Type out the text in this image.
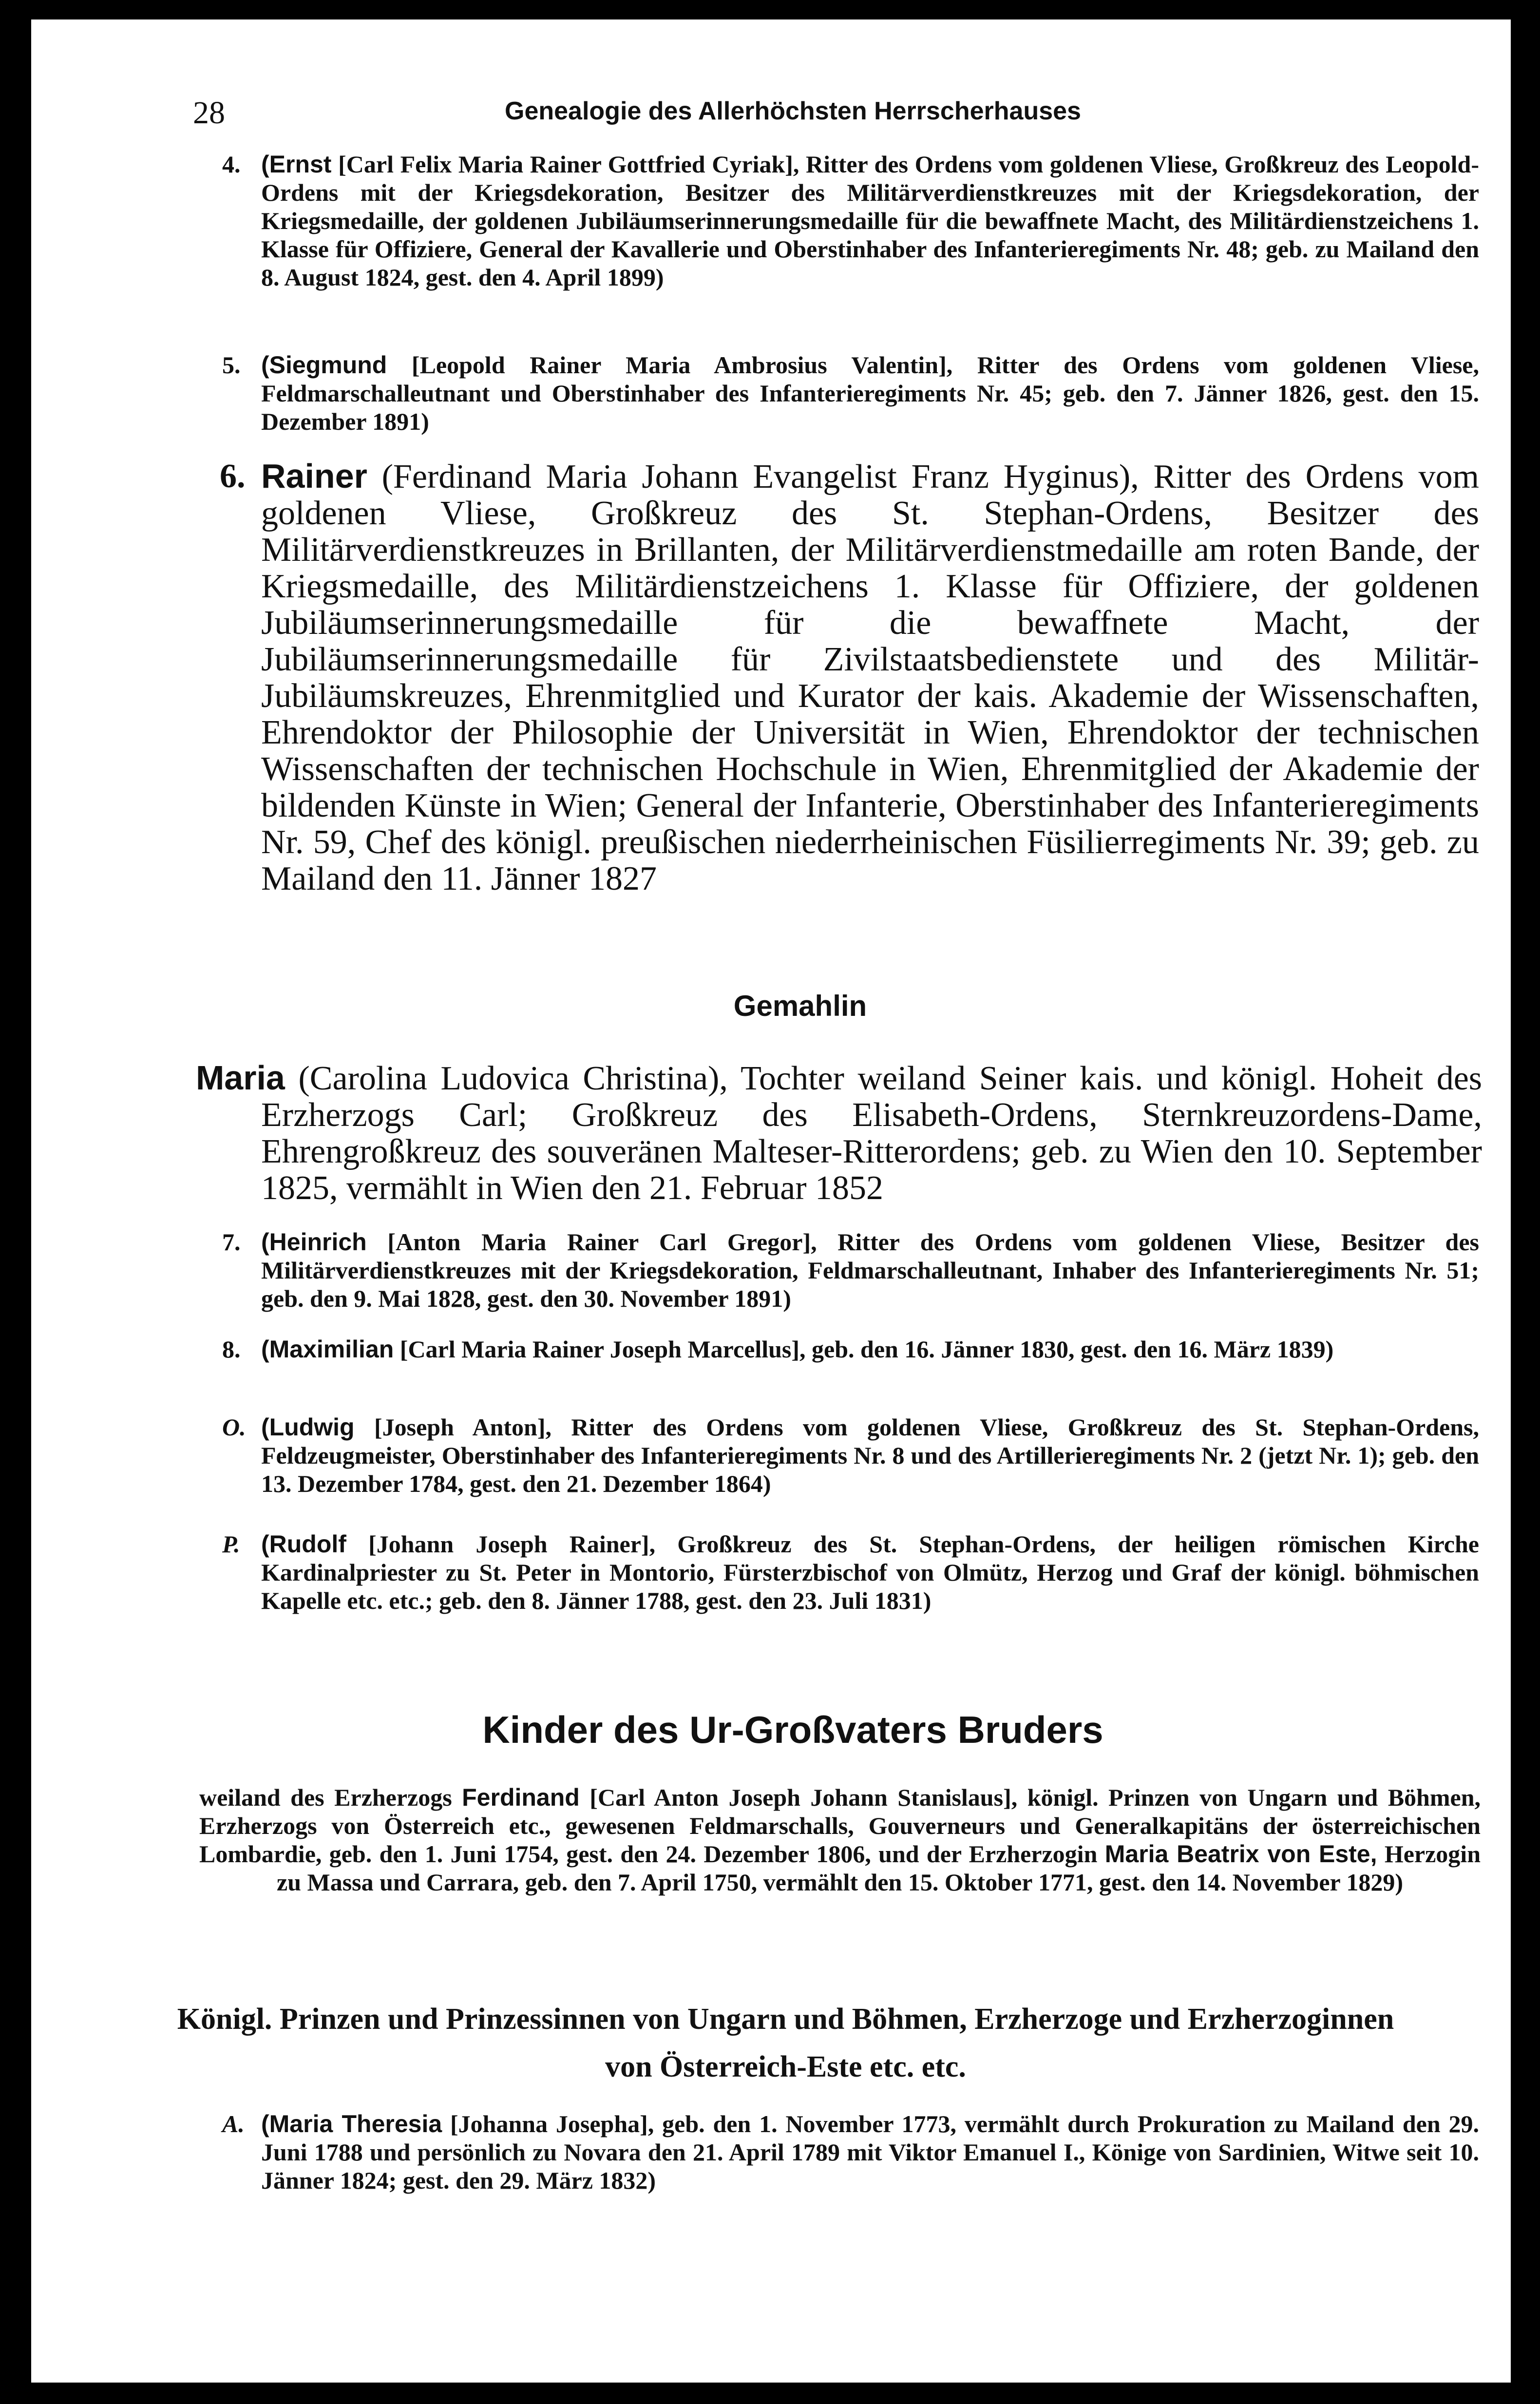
28	Genealogie des Allerhöchsten Herrscherhauses
4. (Ernst [Carl Felix Maria Rainer Gottfried Cyriak], Ritter des Ordens vom goldenen Vliese, Großkreuz des Leopold-Ordens mit der Kriegsdekoration, Besitzer des Militärverdienstkreuzes mit der Kriegsdekoration, der Kriegsmedaille, der goldenen Jubiläumserinnerungsmedaille für die bewaffnete Macht, des Militärdienstzeichens 1. Klasse für Offiziere, General der Kavallerie und Oberstinhaber des Infanterieregiments Nr. 48; geb. zu Mailand den 8. August 1824, gest. den 4. April 1899)
5. (Siegmund [Leopold Rainer Maria Ambrosius Valentin], Ritter des Ordens vom goldenen Vliese, Feldmarschalleutnant und Oberstinhaber des Infanterieregiments Nr. 45; geb. den 7. Jänner 1826, gest. den 15. Dezember 1891)
6. Rainer (Ferdinand Maria Johann Evangelist Franz Hyginus), Ritter des Ordens vom goldenen Vliese, Großkreuz des St. Stephan-Ordens, Besitzer des Militärverdienstkreuzes in Brillanten, der Militärverdienstmedaille am roten Bande, der Kriegsmedaille, des Militärdienstzeichens 1. Klasse für Offiziere, der goldenen Jubiläumserinnerungsmedaille für die bewaffnete Macht, der Jubiläumserinnerungsmedaille für Zivilstaatsbedienstete und des Militär-Jubiläumskreuzes, Ehrenmitglied und Kurator der kais. Akademie der Wissenschaften, Ehrendoktor der Philosophie der Universität in Wien, Ehrendoktor der technischen Wissenschaften der technischen Hochschule in Wien, Ehrenmitglied der Akademie der bildenden Künste in Wien; General der Infanterie, Oberstinhaber des Infanterieregiments Nr. 59, Chef des königl. preußischen niederrheinischen Füsilierregiments Nr. 39; geb. zu Mailand den 11. Jänner 1827
Gemahlin
Maria (Carolina Ludovica Christina), Tochter weiland Seiner kais. und königl. Hoheit des Erzherzogs Carl; Großkreuz des Elisabeth-Ordens, Sternkreuzordens-Dame, Ehrengroßkreuz des souveränen Malteser-Ritterordens; geb. zu Wien den 10. September 1825, vermählt in Wien den 21. Februar 1852
7. (Heinrich [Anton Maria Rainer Carl Gregor], Ritter des Ordens vom goldenen Vliese, Besitzer des Militärverdienstkreuzes mit der Kriegsdekoration, Feldmarschalleutnant, Inhaber des Infanterieregiments Nr. 51; geb. den 9. Mai 1828, gest. den 30. November 1891)
8. (Maximilian [Carl Maria Rainer Joseph Marcellus], geb. den 16. Jänner 1830, gest. den 16. März 1839)
O. (Ludwig [Joseph Anton], Ritter des Ordens vom goldenen Vliese, Großkreuz des St. Stephan-Ordens, Feldzeugmeister, Oberstinhaber des Infanterieregiments Nr. 8 und des Artillerieregiments Nr. 2 (jetzt Nr. 1); geb. den 13. Dezember 1784, gest. den 21. Dezember 1864)
P. (Rudolf [Johann Joseph Rainer], Großkreuz des St. Stephan-Ordens, der heiligen römischen Kirche Kardinalpriester zu St. Peter in Montorio, Fürsterzbischof von Olmütz, Herzog und Graf der königl. böhmischen Kapelle etc. etc.; geb. den 8. Jänner 1788, gest. den 23. Juli 1831)
Kinder des Ur-Großvaters Bruders
weiland des Erzherzogs Ferdinand [Carl Anton Joseph Johann Stanislaus], königl. Prinzen von Ungarn und Böhmen, Erzherzogs von Österreich etc., gewesenen Feldmarschalls, Gouverneurs und Generalkapitäns der österreichischen Lombardie, geb. den 1. Juni 1754, gest. den 24. Dezember 1806, und der Erzherzogin Maria Beatrix von Este, Herzogin zu Massa und Carrara, geb. den 7. April 1750, vermählt den 15. Oktober 1771, gest. den 14. November 1829)
Königl. Prinzen und Prinzessinnen von Ungarn und Böhmen, Erzherzoge und Erzherzoginnen
von Österreich-Este etc. etc.
A. (Maria Theresia [Johanna Josepha], geb. den 1. November 1773, vermählt durch Prokuration zu Mailand den 29. Juni 1788 und persönlich zu Novara den 21. April 1789 mit Viktor Emanuel I., Könige von Sardinien, Witwe seit 10. Jänner 1824; gest. den 29. März 1832)
